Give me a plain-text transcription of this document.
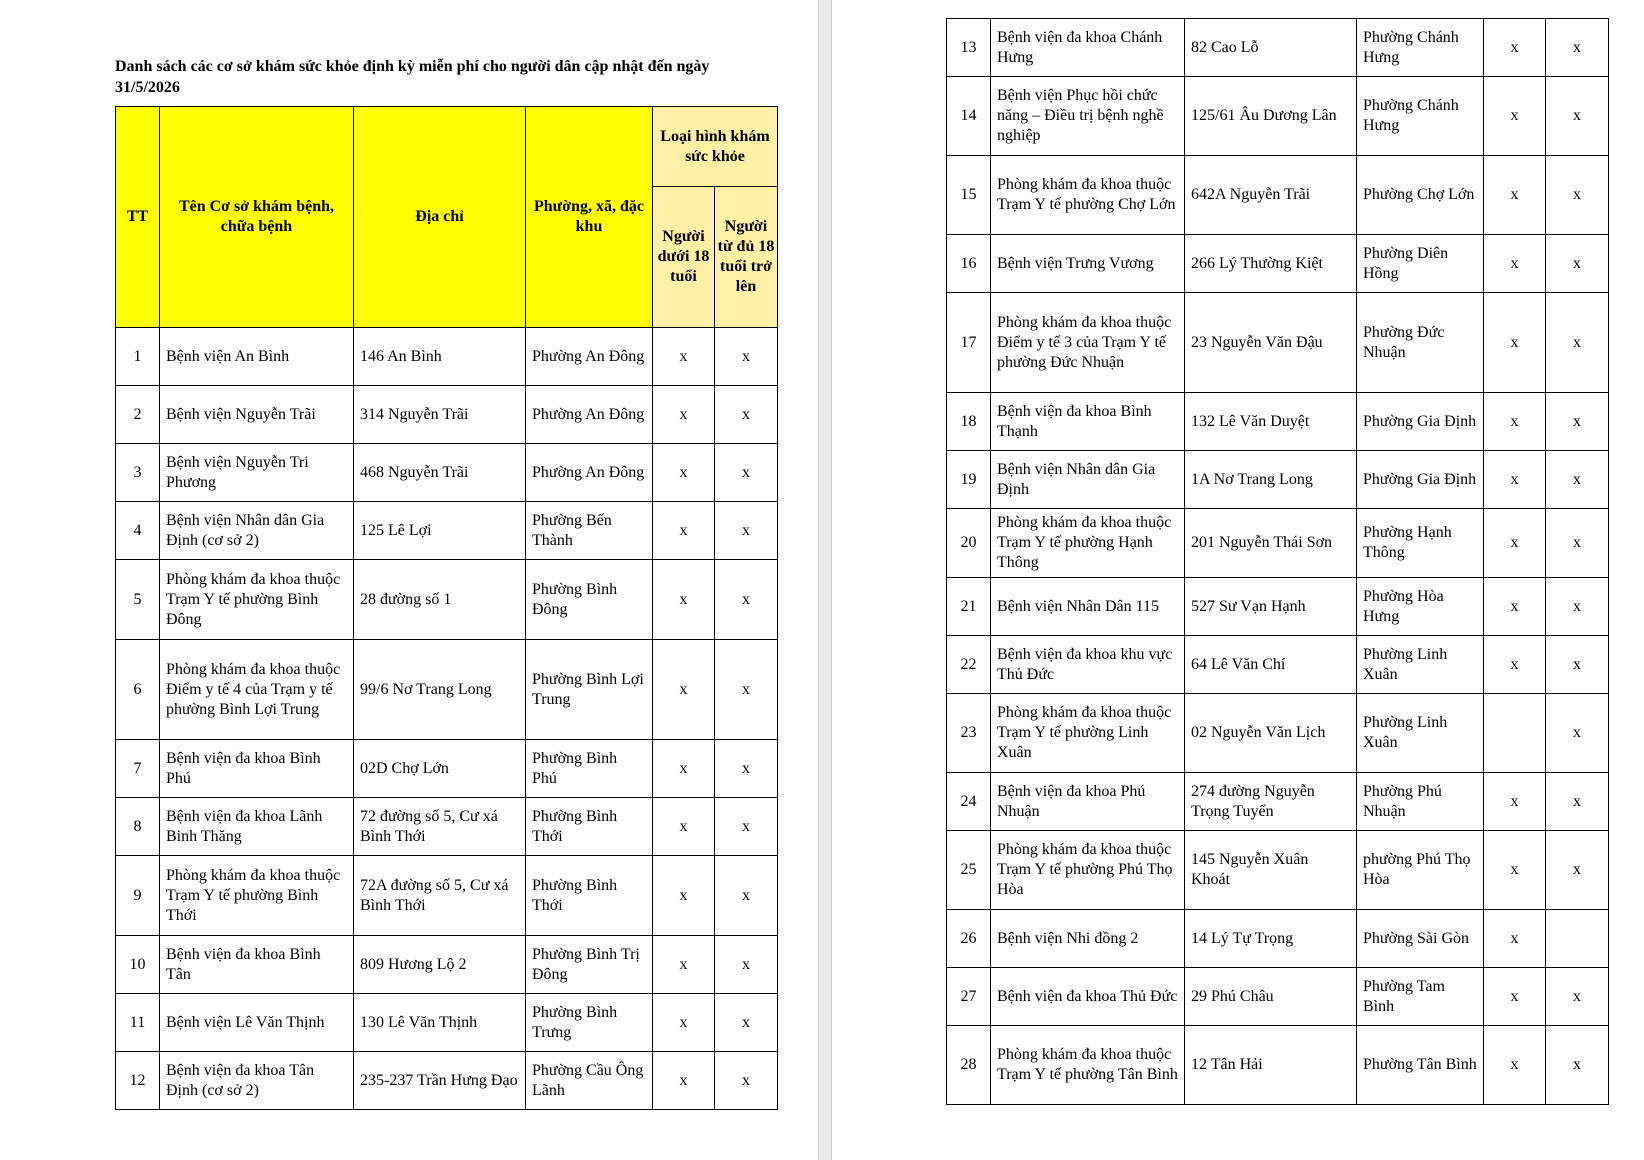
Danh sách các cơ sở khám sức khỏe định kỳ miễn phí cho người dân cập nhật đến ngày 31/5/2026
TT	Tên Cơ sở khám bệnh, chữa bệnh	Địa chỉ	Phường, xã, đặc khu	Loại hình khám sức khỏe	
				Người dưới 18 tuổi	Người từ đủ 18 tuổi trở lên
1	Bệnh viện An Bình	146 An Bình	Phường An Đông	x	x
2	Bệnh viện Nguyễn Trãi	314 Nguyễn Trãi	Phường An Đông	x	x
3	Bệnh viện Nguyễn Tri Phương	468 Nguyễn Trãi	Phường An Đông	x	x
4	Bệnh viện Nhân dân Gia Định (cơ sở 2)	125 Lê Lợi	Phường Bến Thành	x	x
5	Phòng khám đa khoa thuộc Trạm Y tế phường Bình Đông	28 đường số 1	Phường Bình Đông	x	x
6	Phòng khám đa khoa thuộc Điểm y tế 4 của Trạm y tế phường Bình Lợi Trung	99/6 Nơ Trang Long	Phường Bình Lợi Trung	x	x
7	Bệnh viện đa khoa Bình Phú	02D Chợ Lớn	Phường Bình Phú	x	x
8	Bệnh viện đa khoa Lãnh Binh Thăng	72 đường số 5, Cư xá Bình Thới	Phường Bình Thới	x	x
9	Phòng khám đa khoa thuộc Trạm Y tế phường Bình Thới	72A đường số 5, Cư xá Bình Thới	Phường Bình Thới	x	x
10	Bệnh viện đa khoa Bình Tân	809 Hương Lộ 2	Phường Bình Trị Đông	x	x
11	Bệnh viện Lê Văn Thịnh	130 Lê Văn Thịnh	Phường Bình Trưng	x	x
12	Bệnh viện đa khoa Tân Định (cơ sở 2)	235-237 Trần Hưng Đạo	Phường Cầu Ông Lãnh	x	x
13	Bệnh viện đa khoa Chánh Hưng	82 Cao Lỗ	Phường Chánh Hưng	x	x
14	Bệnh viện Phục hồi chức năng – Điều trị bệnh nghề nghiệp	125/61 Âu Dương Lân	Phường Chánh Hưng	x	x
15	Phòng khám đa khoa thuộc Trạm Y tế phường Chợ Lớn	642A Nguyễn Trãi	Phường Chợ Lớn	x	x
16	Bệnh viện Trưng Vương	266 Lý Thường Kiệt	Phường Diên Hồng	x	x
17	Phòng khám đa khoa thuộc Điểm y tế 3 của Trạm Y tế phường Đức Nhuận	23 Nguyễn Văn Đậu	Phường Đức Nhuận	x	x
18	Bệnh viện đa khoa Bình Thạnh	132 Lê Văn Duyệt	Phường Gia Định	x	x
19	Bệnh viện Nhân dân Gia Định	1A Nơ Trang Long	Phường Gia Định	x	x
20	Phòng khám đa khoa thuộc Trạm Y tế phường Hạnh Thông	201 Nguyễn Thái Sơn	Phường Hạnh Thông	x	x
21	Bệnh viện Nhân Dân 115	527 Sư Vạn Hạnh	Phường Hòa Hưng	x	x
22	Bệnh viện đa khoa khu vực Thủ Đức	64 Lê Văn Chí	Phường Linh Xuân	x	x
23	Phòng khám đa khoa thuộc Trạm Y tế phường Linh Xuân	02 Nguyễn Văn Lịch	Phường Linh Xuân		x
24	Bệnh viện đa khoa Phú Nhuận	274 đường Nguyễn Trọng Tuyển	Phường Phú Nhuận	x	x
25	Phòng khám đa khoa thuộc Trạm Y tế phường Phú Thọ Hòa	145 Nguyễn Xuân Khoát	phường Phú Thọ Hòa	x	x
26	Bệnh viện Nhi đồng 2	14 Lý Tự Trọng	Phường Sài Gòn	x	
27	Bệnh viện đa khoa Thủ Đức	29 Phú Châu	Phường Tam Bình	x	x
28	Phòng khám đa khoa thuộc Trạm Y tế phường Tân Bình	12 Tân Hải	Phường Tân Bình	x	x
